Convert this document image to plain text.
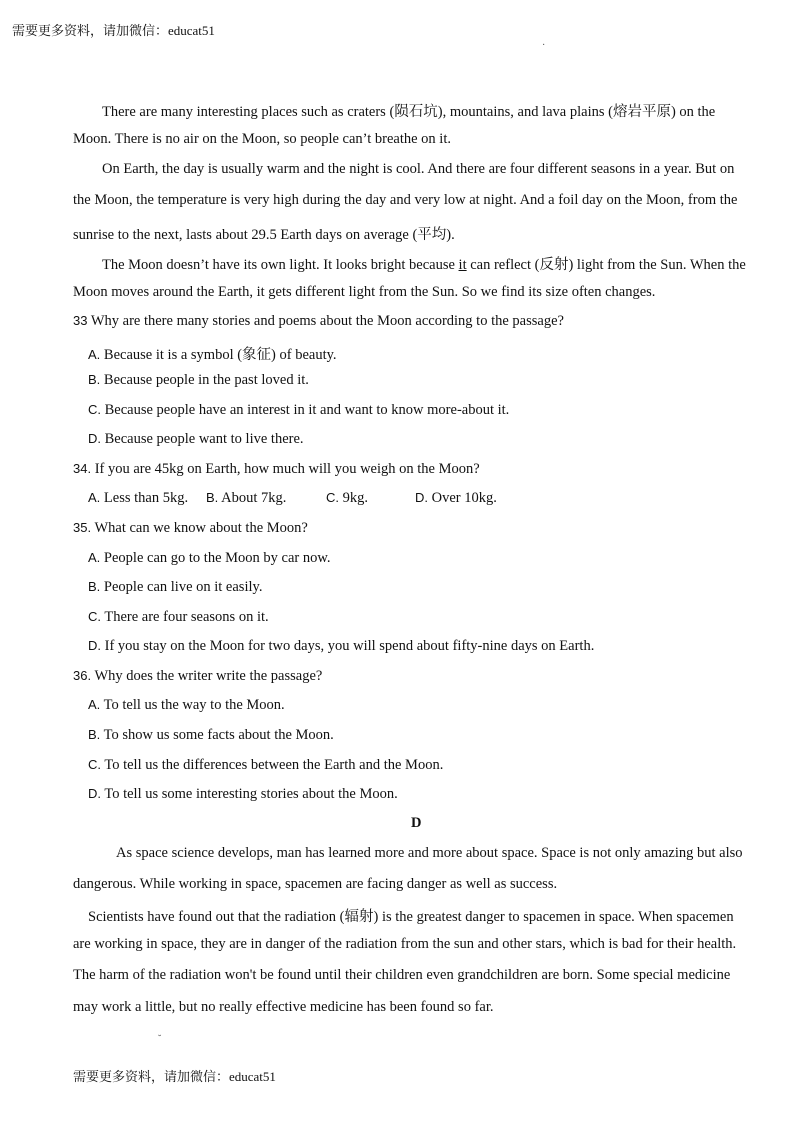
需要更多资料，请加微信：educat51
·
There are many interesting places such as craters (陨石坑), mountains, and lava plains (熔岩平原) on the
Moon. There is no air on the Moon, so people can’t breathe on it.
On Earth, the day is usually warm and the night is cool. And there are four different seasons in a year. But on
the Moon, the temperature is very high during the day and very low at night. And a foil day on the Moon, from the
sunrise to the next, lasts about 29.5 Earth days on average (平均).
The Moon doesn’t have its own light. It looks bright because it can reflect (反射) light from the Sun. When the
Moon moves around the Earth, it gets different light from the Sun. So we find its size often changes.
33 Why are there many stories and poems about the Moon according to the passage?
A. Because it is a symbol (象征) of beauty.
B. Because people in the past loved it.
C. Because people have an interest in it and want to know more-about it.
D. Because people want to live there.
34. If you are 45kg on Earth, how much will you weigh on the Moon?
A. Less than 5kg. B. About 7kg.	C. 9kg.	D. Over 10kg.
35. What can we know about the Moon?
A. People can go to the Moon by car now.
B. People can live on it easily.
C. There are four seasons on it.
D. If you stay on the Moon for two days, you will spend about fifty-nine days on Earth.
36. Why does the writer write the passage?
A. To tell us the way to the Moon.
B. To show us some facts about the Moon.
C. To tell us the differences between the Earth and the Moon.
D. To tell us some interesting stories about the Moon.
D
As space science develops, man has learned more and more about space. Space is not only amazing but also
dangerous. While working in space, spacemen are facing danger as well as success.
Scientists have found out that the radiation (辐射) is the greatest danger to spacemen in space. When spacemen
are working in space, they are in danger of the radiation from the sun and other stars, which is bad for their health.
The harm of the radiation won't be found until their children even grandchildren are born. Some special medicine
may work a little, but no really effective medicine has been found so far.
˘
需要更多资料，请加微信：educat51
